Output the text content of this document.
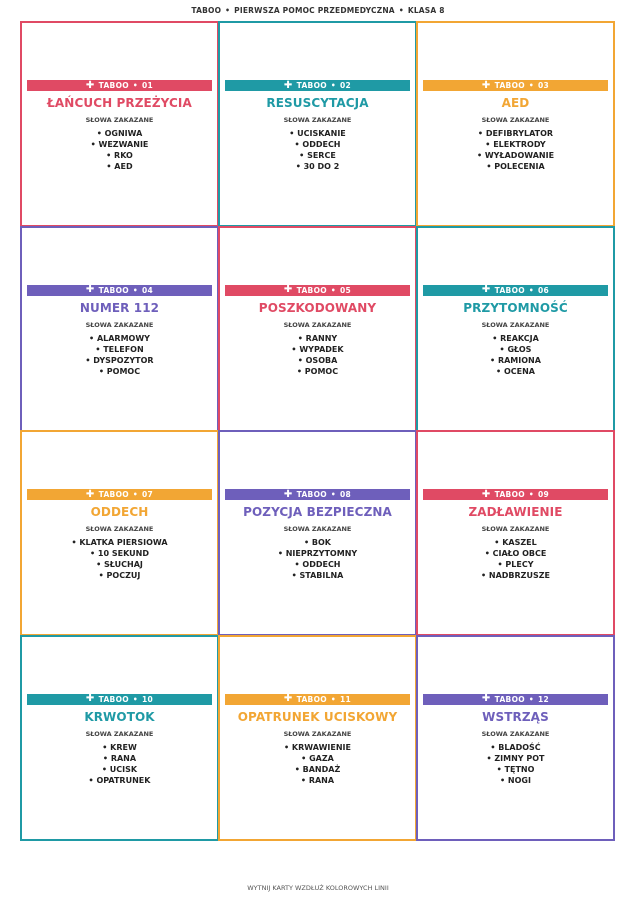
TABOO • PIERWSZA POMOC PRZEDMEDYCZNA • KLASA 8
✚ TABOO • 01
ŁAŃCUCH PRZEŻYCIA
SŁOWA ZAKAZANE
• OGNIWA
• WEZWANIE
• RKO
• AED
✚ TABOO • 02
RESUSCYTACJA
SŁOWA ZAKAZANE
• UCISKANIE
• ODDECH
• SERCE
• 30 DO 2
✚ TABOO • 03
AED
SŁOWA ZAKAZANE
• DEFIBRYLATOR
• ELEKTRODY
• WYŁADOWANIE
• POLECENIA
✚ TABOO • 04
NUMER 112
SŁOWA ZAKAZANE
• ALARMOWY
• TELEFON
• DYSPOZYTOR
• POMOC
✚ TABOO • 05
POSZKODOWANY
SŁOWA ZAKAZANE
• RANNY
• WYPADEK
• OSOBA
• POMOC
✚ TABOO • 06
PRZYTOMNOŚĆ
SŁOWA ZAKAZANE
• REAKCJA
• GŁOS
• RAMIONA
• OCENA
✚ TABOO • 07
ODDECH
SŁOWA ZAKAZANE
• KLATKA PIERSIOWA
• 10 SEKUND
• SŁUCHAJ
• POCZUJ
✚ TABOO • 08
POZYCJA BEZPIECZNA
SŁOWA ZAKAZANE
• BOK
• NIEPRZYTOMNY
• ODDECH
• STABILNA
✚ TABOO • 09
ZADŁAWIENIE
SŁOWA ZAKAZANE
• KASZEL
• CIAŁO OBCE
• PLECY
• NADBRZUSZE
✚ TABOO • 10
KRWOTOK
SŁOWA ZAKAZANE
• KREW
• RANA
• UCISK
• OPATRUNEK
✚ TABOO • 11
OPATRUNEK UCISKOWY
SŁOWA ZAKAZANE
• KRWAWIENIE
• GAZA
• BANDAŻ
• RANA
✚ TABOO • 12
WSTRZĄS
SŁOWA ZAKAZANE
• BLADOŚĆ
• ZIMNY POT
• TĘTNO
• NOGI
WYTNIJ KARTY WZDŁUŻ KOLOROWYCH LINII
